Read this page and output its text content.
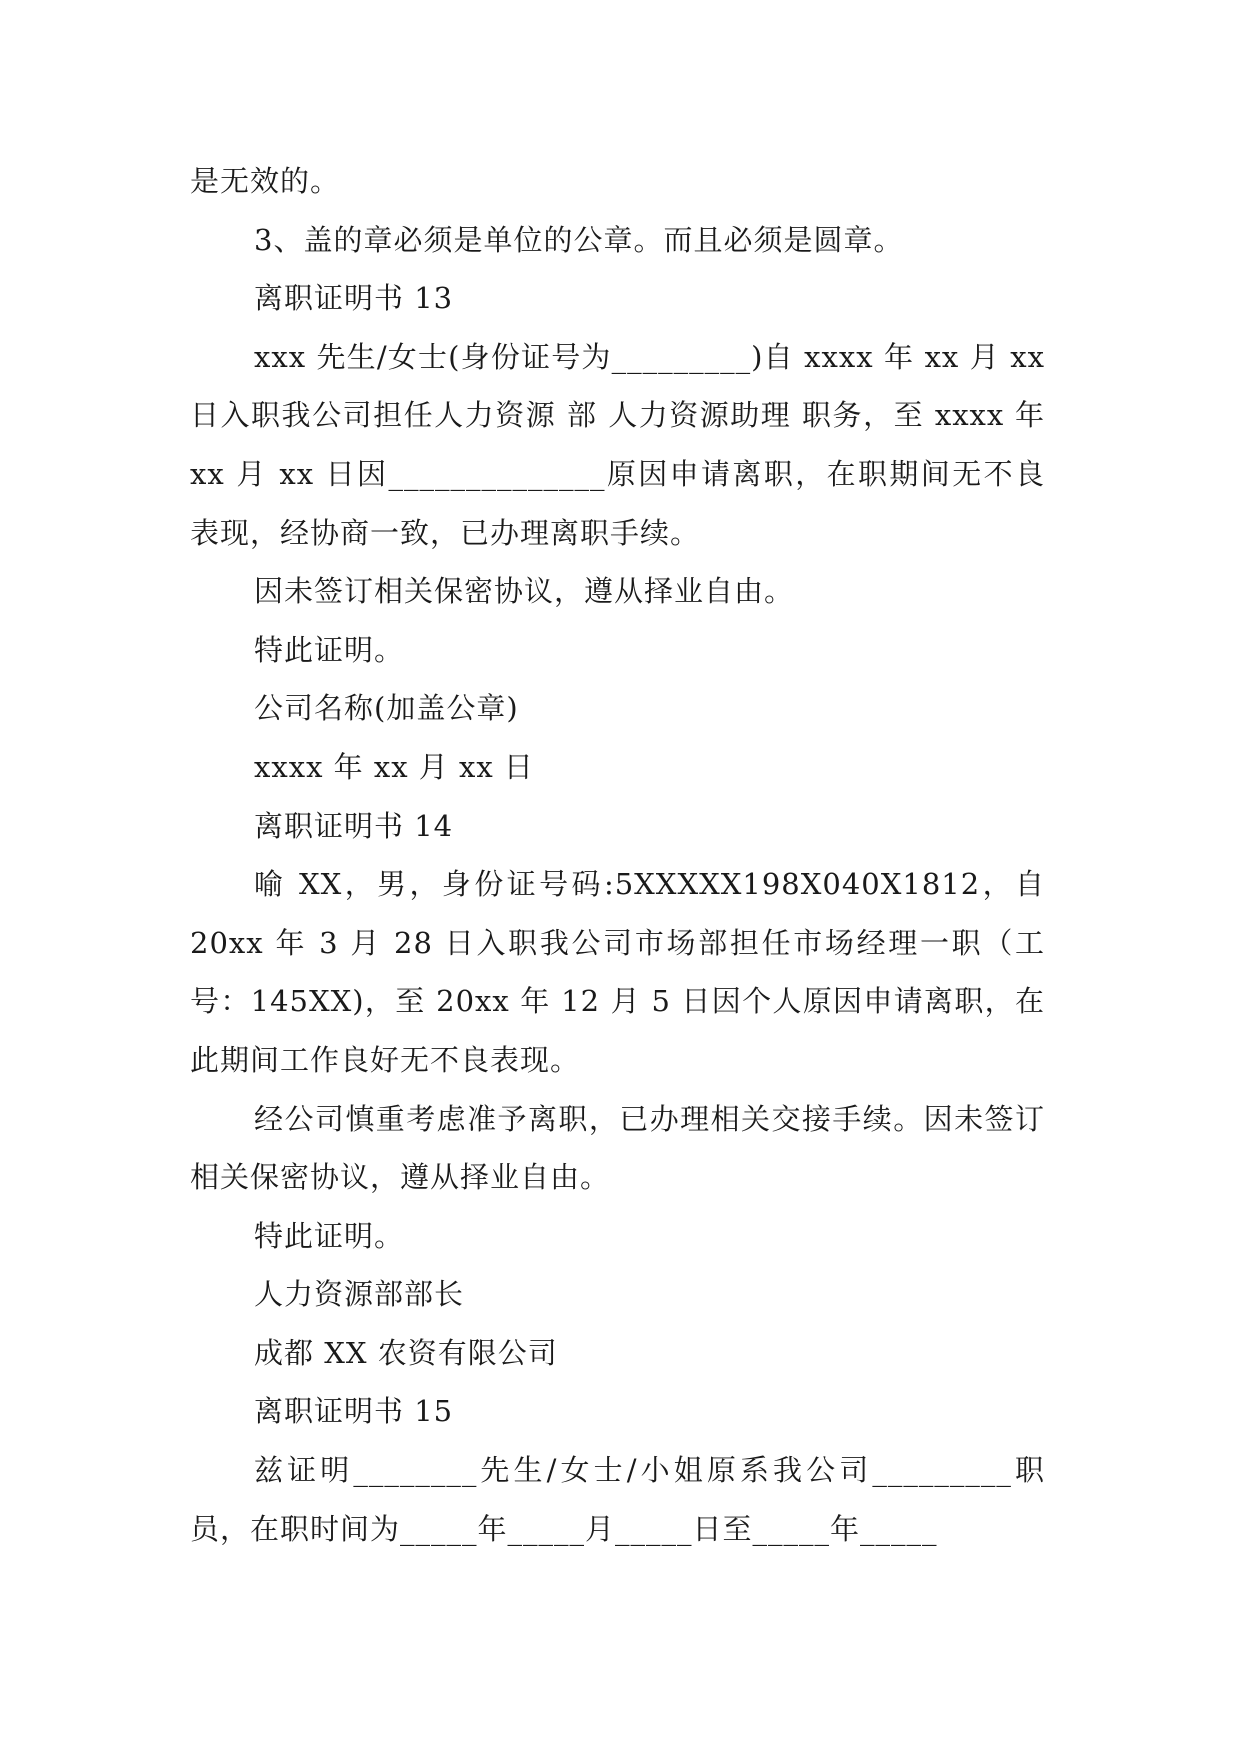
是无效的。

3、盖的章必须是单位的公章。而且必须是圆章。

离职证明书 13

xxx 先生/女士(身份证号为_________)自 xxxx 年 xx 月 xx 日入职我公司担任人力资源 部 人力资源助理 职务，至 xxxx 年 xx 月 xx 日因______________原因申请离职，在职期间无不良表现，经协商一致，已办理离职手续。

因未签订相关保密协议，遵从择业自由。

特此证明。

公司名称(加盖公章)

xxxx 年 xx 月 xx 日

离职证明书 14

喻 XX，男，身份证号码:5XXXXX198X040X1812，自 20xx 年 3 月 28 日入职我公司市场部担任市场经理一职（工号：145XX)，至 20xx 年 12 月 5 日因个人原因申请离职，在此期间工作良好无不良表现。

经公司慎重考虑准予离职，已办理相关交接手续。因未签订相关保密协议，遵从择业自由。

特此证明。

人力资源部部长

成都 XX 农资有限公司

离职证明书 15

兹证明________先生/女士/小姐原系我公司_________职员，在职时间为_____年_____月_____日至_____年_____
